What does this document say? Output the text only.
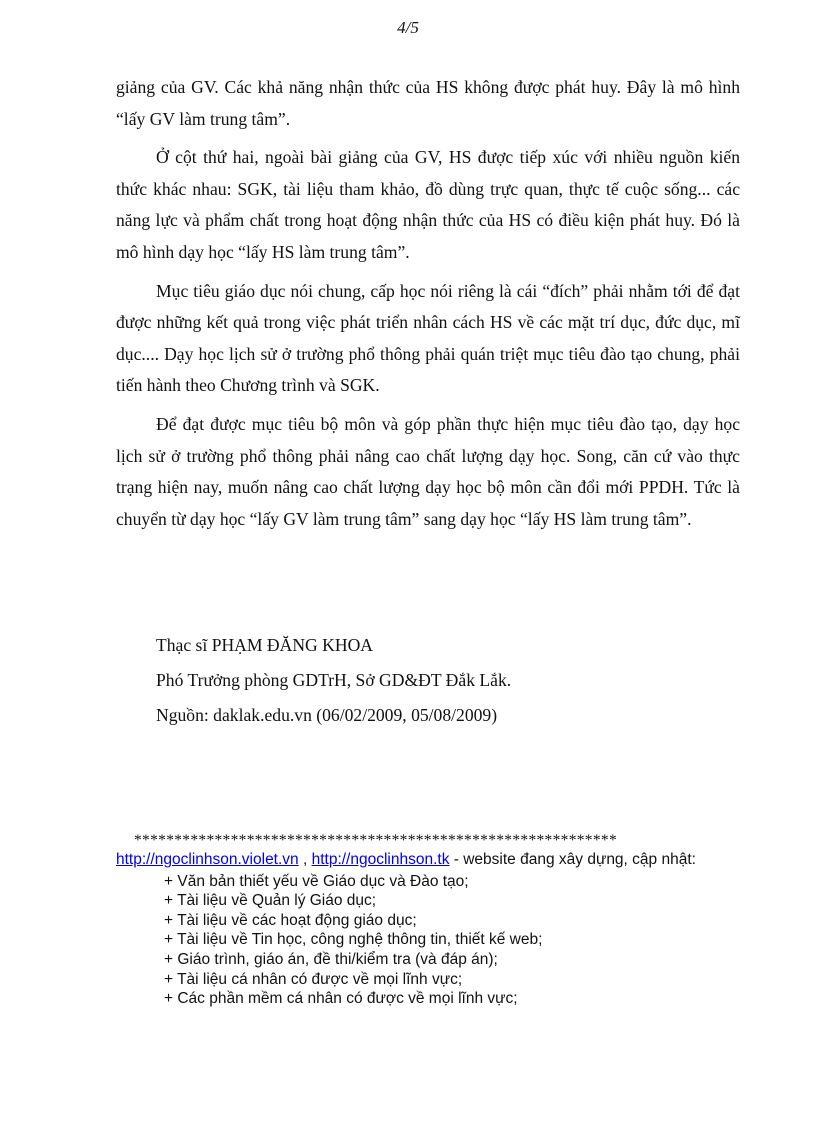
4/5

giảng của GV. Các khả năng nhận thức của HS không được phát huy. Đây là mô hình “lấy GV làm trung tâm”.

Ở cột thứ hai, ngoài bài giảng của GV, HS được tiếp xúc với nhiều nguồn kiến thức khác nhau: SGK, tài liệu tham khảo, đồ dùng trực quan, thực tế cuộc sống... các năng lực và phẩm chất trong hoạt động nhận thức của HS có điều kiện phát huy. Đó là mô hình dạy học “lấy HS làm trung tâm”.

Mục tiêu giáo dục nói chung, cấp học nói riêng là cái “đích” phải nhằm tới để đạt được những kết quả trong việc phát triển nhân cách HS về các mặt trí dục, đức dục, mĩ dục.... Dạy học lịch sử ở trường phổ thông phải quán triệt mục tiêu đào tạo chung, phải tiến hành theo Chương trình và SGK.

Để đạt được mục tiêu bộ môn và góp phần thực hiện mục tiêu đào tạo, dạy học lịch sử ở trường phổ thông phải nâng cao chất lượng dạy học. Song, căn cứ vào thực trạng hiện nay, muốn nâng cao chất lượng dạy học bộ môn cần đổi mới PPDH. Tức là chuyển từ dạy học “lấy GV làm trung tâm” sang dạy học “lấy HS làm trung tâm”.

Thạc sĩ PHẠM ĐĂNG KHOA
Phó Trưởng phòng GDTrH, Sở GD&ĐT Đắk Lắk.
Nguồn: daklak.edu.vn (06/02/2009, 05/08/2009)
************************************************************
http://ngoclinhson.violet.vn , http://ngoclinhson.tk - website đang xây dựng, cập nhật:
+ Văn bản thiết yếu về Giáo dục và Đào tạo;
+ Tài liệu về Quản lý Giáo dục;
+ Tài liệu về các hoạt động giáo dục;
+ Tài liệu về Tin học, công nghệ thông tin, thiết kế web;
+ Giáo trình, giáo án, đề thi/kiểm tra (và đáp án);
+ Tài liệu cá nhân có được về mọi lĩnh vực;
+ Các phần mềm cá nhân có được về mọi lĩnh vực;
